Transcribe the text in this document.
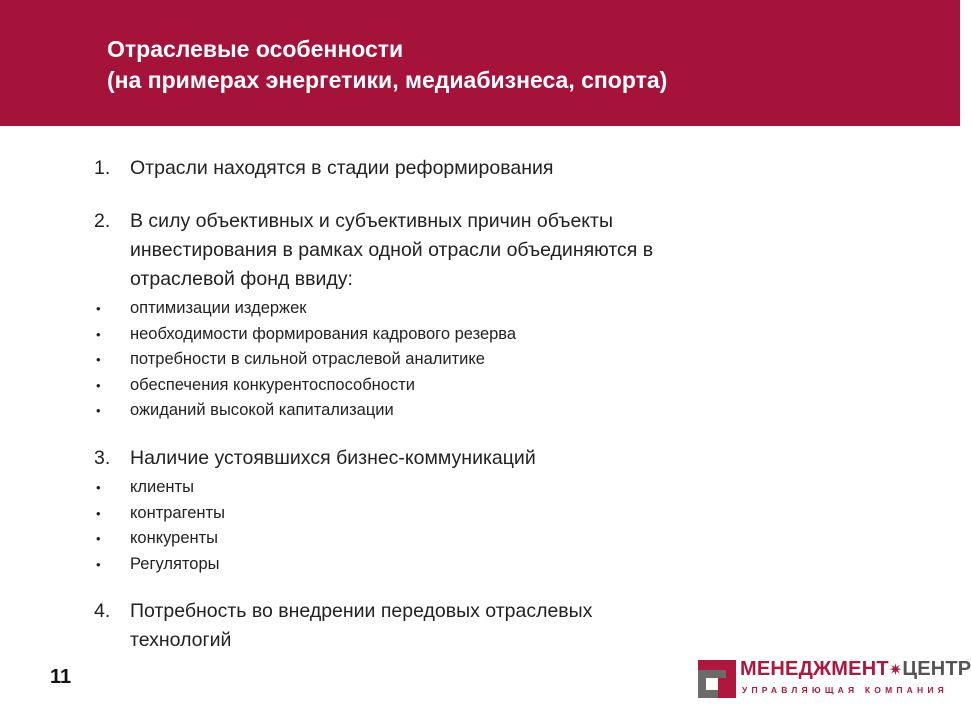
Отраслевые особенности
(на примерах энергетики, медиабизнеса, спорта)
1. Отрасли находятся в стадии реформирования
2. В силу объективных и субъективных причин объекты
инвестирования в рамках одной отрасли объединяются в
отраслевой фонд ввиду:
• оптимизации издержек
• необходимости формирования кадрового резерва
• потребности в сильной отраслевой аналитике
• обеспечения конкурентоспособности
• ожиданий высокой капитализации
3. Наличие устоявшихся бизнес-коммуникаций
• клиенты
• контрагенты
• конкуренты
• Регуляторы
4. Потребность во внедрении передовых отраслевых
технологий
11	МЕНЕДЖМЕНТ✷ЦЕНТР
УПРАВЛЯЮЩАЯ КОМПАНИЯ
